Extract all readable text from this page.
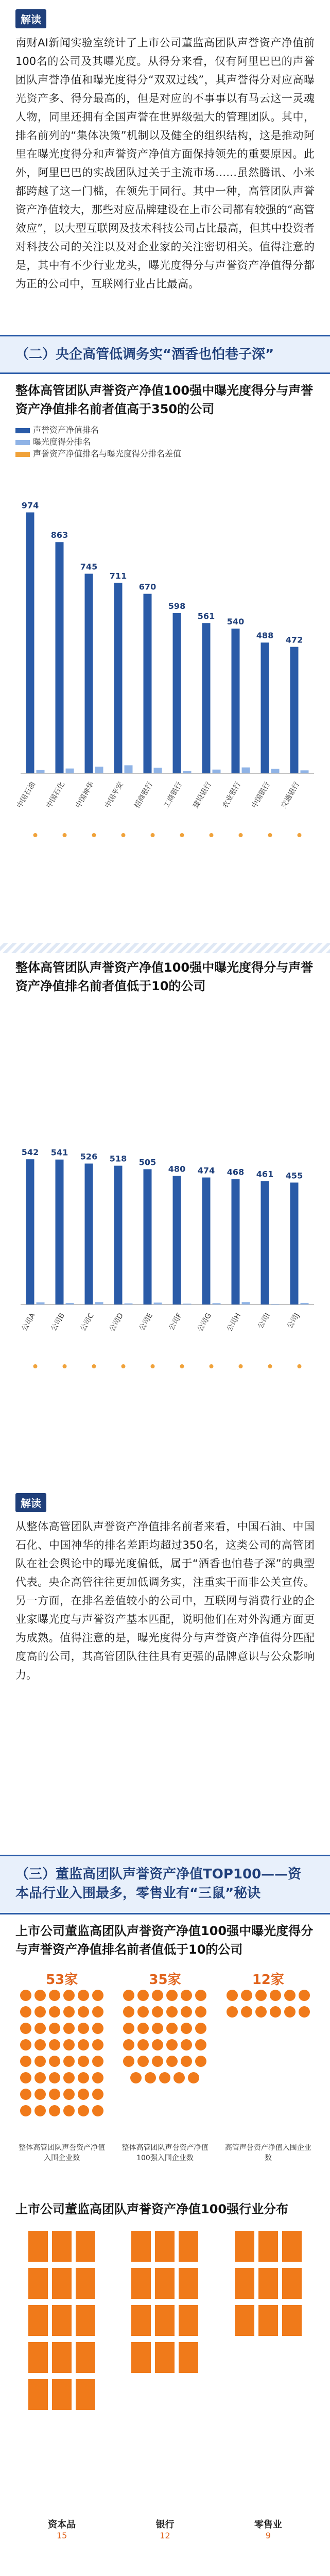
解读
南财AI新闻实验室统计了上市公司董监高团队声誉资产净值前100名的公司及其曝光度。从得分来看，仅有阿里巴巴的声誉团队声誉净值和曝光度得分“双双过线”，其声誉得分对应高曝光资产多、得分最高的，但是对应的不事事以有马云这一灵魂人物，同里还拥有全国声誉在世界级强大的管理团队。其中，排名前列的“集体决策”机制以及健全的组织结构，这是推动阿里在曝光度得分和声誉资产净值方面保持领先的重要原因。此外，阿里巴巴的实战团队过关于主流市场……虽然腾讯、小米都跨越了这一门槛，在领先于同行。其中一种，高管团队声誉资产净值较大，那些对应品牌建设在上市公司都有较强的“高管效应”，以大型互联网及技术科技公司占比最高，但其中投资者对科技公司的关注以及对企业家的关注密切相关。值得注意的是，其中有不少行业龙头，曝光度得分与声誉资产净值得分都为正的公司中，互联网行业占比最高。
（二）央企高管低调务实“酒香也怕巷子深”
整体高管团队声誉资产净值100强中曝光度得分与声誉资产净值排名前者值高于350的公司
声誉资产净值排名
曝光度得分排名
声誉资产净值排名与曝光度得分排名差值
974
中国石油
863
中国石化
745
中国神华
711
中国平安
670
招商银行
598
工商银行
561
建设银行
540
农业银行
488
中国银行
472
交通银行
整体高管团队声誉资产净值100强中曝光度得分与声誉资产净值排名前者值低于10的公司
542
公司A
541
公司B
526
公司C
518
公司D
505
公司E
480
公司F
474
公司G
468
公司H
461
公司I
455
公司J
解读
从整体高管团队声誉资产净值排名前者来看，中国石油、中国石化、中国神华的排名差距均超过350名，这类公司的高管团队在社会舆论中的曝光度偏低，属于“酒香也怕巷子深”的典型代表。央企高管往往更加低调务实，注重实干而非公关宣传。另一方面，在排名差值较小的公司中，互联网与消费行业的企业家曝光度与声誉资产基本匹配，说明他们在对外沟通方面更为成熟。值得注意的是，曝光度得分与声誉资产净值得分匹配度高的公司，其高管团队往往具有更强的品牌意识与公众影响力。
（三）董监高团队声誉资产净值TOP100——资本品行业入围最多，零售业有“三鼠”秘诀
上市公司董监高团队声誉资产净值100强中曝光度得分与声誉资产净值排名前者值低于10的公司
53家
整体高管团队声誉资产净值入围企业数
35家
整体高管团队声誉资产净值100强入围企业数
12家
高管声誉资产净值入围企业数
上市公司董监高团队声誉资产净值100强行业分布
资本品
15
银行
12
零售业
9
